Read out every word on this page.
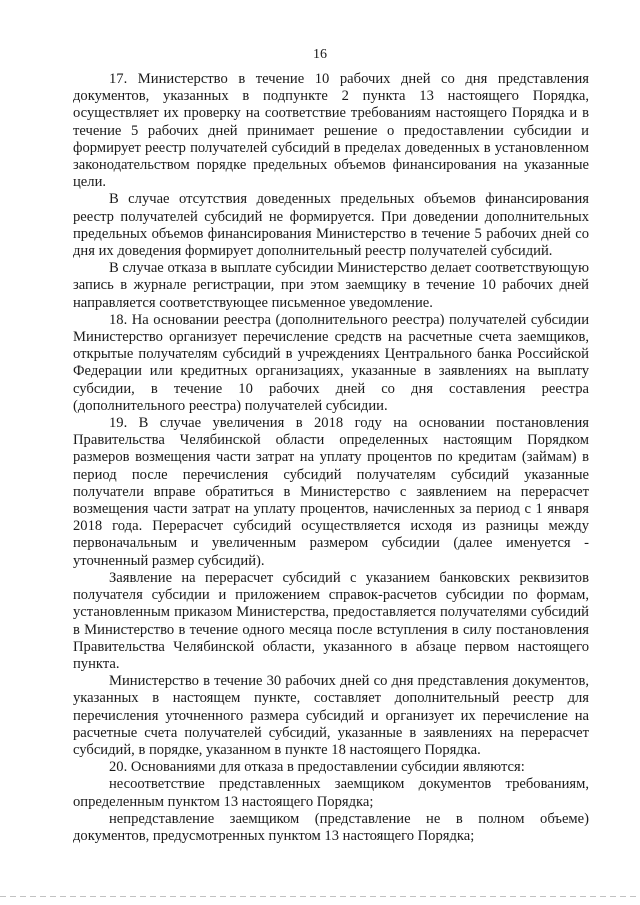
16

17. Министерство в течение 10 рабочих дней со дня представления документов, указанных в подпункте 2 пункта 13 настоящего Порядка, осуществляет их проверку на соответствие требованиям настоящего Порядка и в течение 5 рабочих дней принимает решение о предоставлении субсидии и формирует реестр получателей субсидий в пределах доведенных в установленном законодательством порядке предельных объемов финансирования на указанные цели.

В случае отсутствия доведенных предельных объемов финансирования реестр получателей субсидий не формируется. При доведении дополнительных предельных объемов финансирования Министерство в течение 5 рабочих дней со дня их доведения формирует дополнительный реестр получателей субсидий.

В случае отказа в выплате субсидии Министерство делает соответствующую запись в журнале регистрации, при этом заемщику в течение 10 рабочих дней направляется соответствующее письменное уведомление.

18. На основании реестра (дополнительного реестра) получателей субсидии Министерство организует перечисление средств на расчетные счета заемщиков, открытые получателям субсидий в учреждениях Центрального банка Российской Федерации или кредитных организациях, указанные в заявлениях на выплату субсидии, в течение 10 рабочих дней со дня составления реестра (дополнительного реестра) получателей субсидии.

19. В случае увеличения в 2018 году на основании постановления Правительства Челябинской области определенных настоящим Порядком размеров возмещения части затрат на уплату процентов по кредитам (займам) в период после перечисления субсидий получателям субсидий указанные получатели вправе обратиться в Министерство с заявлением на перерасчет возмещения части затрат на уплату процентов, начисленных за период с 1 января 2018 года. Перерасчет субсидий осуществляется исходя из разницы между первоначальным и увеличенным размером субсидии (далее именуется - уточненный размер субсидий).

Заявление на перерасчет субсидий с указанием банковских реквизитов получателя субсидии и приложением справок-расчетов субсидии по формам, установленным приказом Министерства, предоставляется получателями субсидий в Министерство в течение одного месяца после вступления в силу постановления Правительства Челябинской области, указанного в абзаце первом настоящего пункта.

Министерство в течение 30 рабочих дней со дня представления документов, указанных в настоящем пункте, составляет дополнительный реестр для перечисления уточненного размера субсидий и организует их перечисление на расчетные счета получателей субсидий, указанные в заявлениях на перерасчет субсидий, в порядке, указанном в пункте 18 настоящего Порядка.

20. Основаниями для отказа в предоставлении субсидии являются:

несоответствие представленных заемщиком документов требованиям, определенным пунктом 13 настоящего Порядка;

непредставление заемщиком (представление не в полном объеме) документов, предусмотренных пунктом 13 настоящего Порядка;
